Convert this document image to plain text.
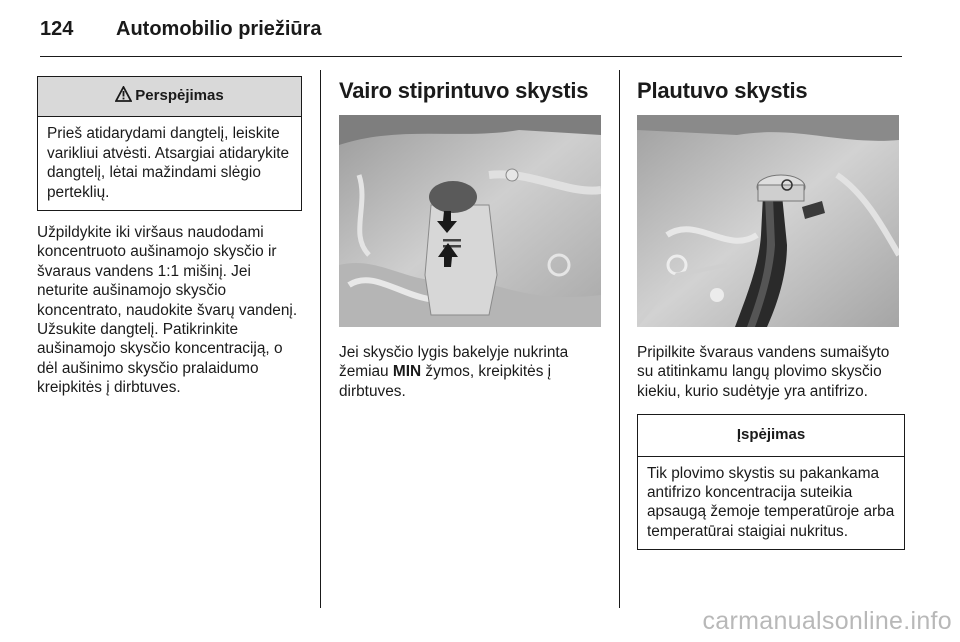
124 Automobilio priežiūra
Perspėjimas
Prieš atidarydami dangtelį, leiskite varikliui atvėsti. Atsargiai atidarykite dangtelį, lėtai mažindami slėgio perteklių.

Užpildykite iki viršaus naudodami koncentruoto aušinamojo skysčio ir švaraus vandens 1:1 mišinį. Jei neturite aušinamojo skysčio koncentrato, naudokite švarų vandenį. Užsukite dangtelį. Patikrinkite aušinamojo skysčio koncentraciją, o dėl aušinimo skysčio pralaidumo kreipkitės į dirbtuves.

Vairo stiprintuvo skystis

Jei skysčio lygis bakelyje nukrinta žemiau MIN žymos, kreipkitės į dirbtuves.

Plautuvo skystis

Pripilkite švaraus vandens sumaišyto su atitinkamu langų plovimo skysčio kiekiu, kurio sudėtyje yra antifrizo.

Įspėjimas
Tik plovimo skystis su pakankama antifrizo koncentracija suteikia apsaugą žemoje temperatūroje arba temperatūrai staigiai nukritus.
carmanualsonline.info
